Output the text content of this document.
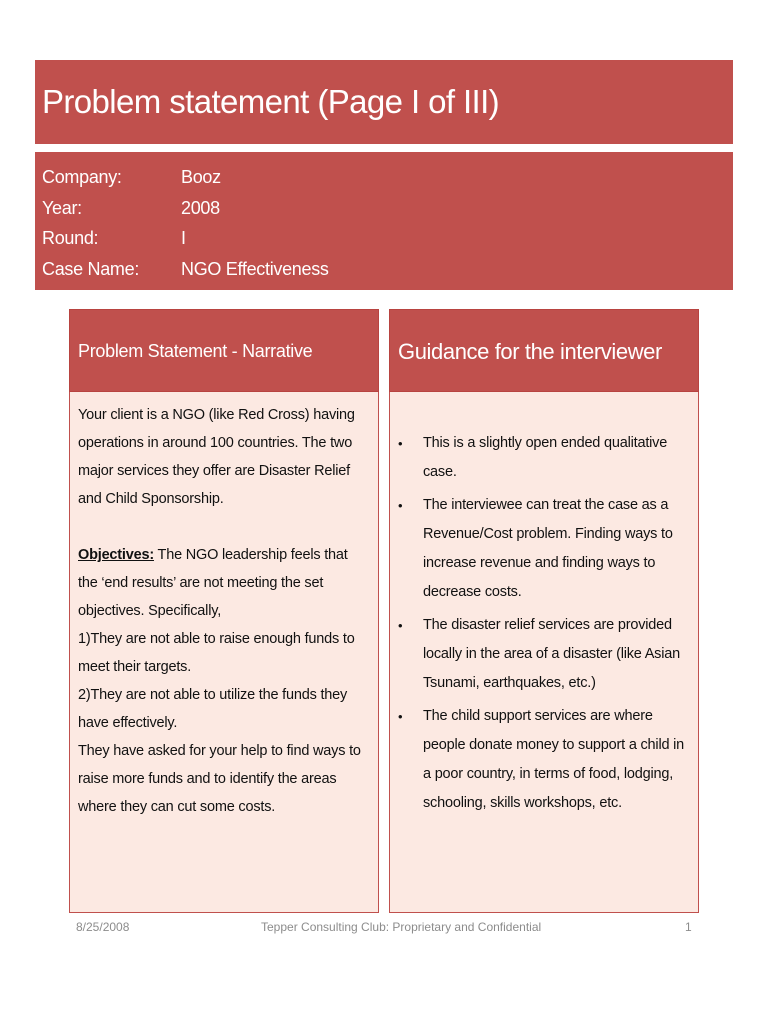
Problem statement (Page I of III)
Company:	Booz
Year:	2008
Round:	I
Case Name:	NGO Effectiveness
Problem Statement - Narrative

Your client is a NGO (like Red Cross) having operations in around 100 countries. The two major services they offer are Disaster Relief and Child Sponsorship.

Objectives: The NGO leadership feels that the ‘end results’ are not meeting the set objectives. Specifically,

1)They are not able to raise enough funds to meet their targets.

2)They are not able to utilize the funds they have effectively.

They have asked for your help to find ways to raise more funds and to identify the areas where they can cut some costs.

Guidance for the interviewer
• This is a slightly open ended qualitative case.
• The interviewee can treat the case as a Revenue/Cost problem. Finding ways to increase revenue and finding ways to decrease costs.
• The disaster relief services are provided locally in the area of a disaster (like Asian Tsunami, earthquakes, etc.)
• The child support services are where people donate money to support a child in a poor country, in terms of food, lodging, schooling, skills workshops, etc.
8/25/2008	Tepper Consulting Club: Proprietary and Confidential	1
